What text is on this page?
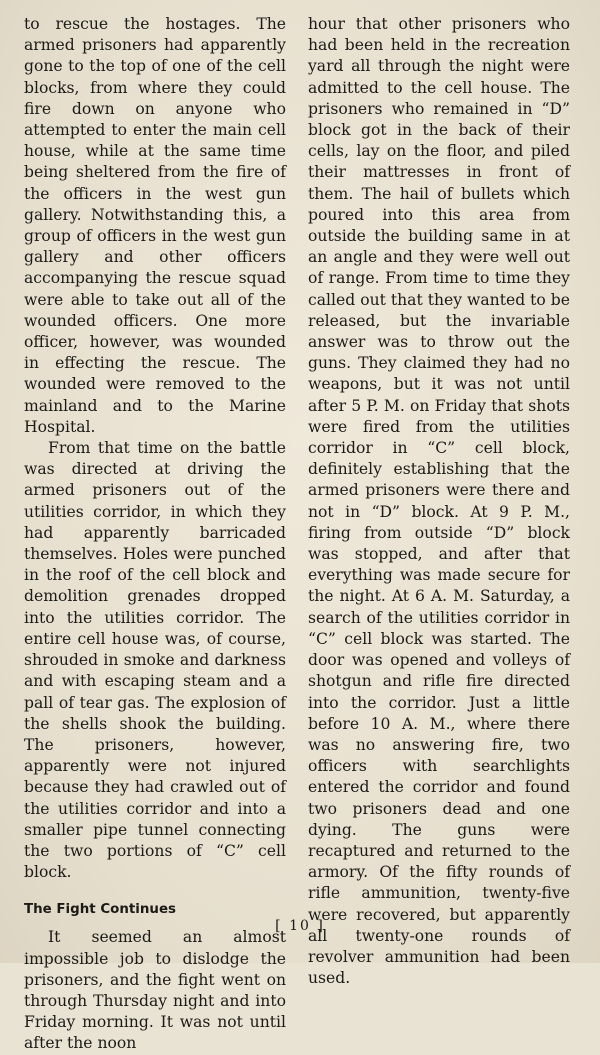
to rescue the hostages. The armed prisoners had apparently gone to the top of one of the cell blocks, from where they could fire down on anyone who attempted to enter the main cell house, while at the same time being sheltered from the fire of the officers in the west gun gallery. Notwithstanding this, a group of officers in the west gun gallery and other officers accompanying the rescue squad were able to take out all of the wounded officers. One more officer, however, was wounded in effecting the rescue. The wounded were removed to the mainland and to the Marine Hospital.

From that time on the battle was directed at driving the armed prisoners out of the utilities corridor, in which they had apparently barricaded themselves. Holes were punched in the roof of the cell block and demolition grenades dropped into the utilities corridor. The entire cell house was, of course, shrouded in smoke and darkness and with escaping steam and a pall of tear gas. The explosion of the shells shook the building. The prisoners, however, apparently were not injured because they had crawled out of the utilities corridor and into a smaller pipe tunnel connecting the two portions of “C” cell block.

The Fight Continues

It seemed an almost impossible job to dislodge the prisoners, and the fight went on through Thursday night and into Friday morning. It was not until after the noon

hour that other prisoners who had been held in the recreation yard all through the night were admitted to the cell house. The prisoners who remained in “D” block got in the back of their cells, lay on the floor, and piled their mattresses in front of them. The hail of bullets which poured into this area from outside the building same in at an angle and they were well out of range. From time to time they called out that they wanted to be released, but the invariable answer was to throw out the guns. They claimed they had no weapons, but it was not until after 5 P. M. on Friday that shots were fired from the utilities corridor in “C” cell block, definitely establishing that the armed prisoners were there and not in “D” block. At 9 P. M., firing from outside “D” block was stopped, and after that everything was made secure for the night. At 6 A. M. Saturday, a search of the utilities corridor in “C” cell block was started. The door was opened and volleys of shotgun and rifle fire directed into the corridor. Just a little before 10 A. M., where there was no answering fire, two officers with searchlights entered the corridor and found two prisoners dead and one dying. The guns were recaptured and returned to the armory. Of the fifty rounds of rifle ammunition, twenty-five were recovered, but apparently all twenty-one rounds of revolver ammunition had been used.

[ 10 ]
